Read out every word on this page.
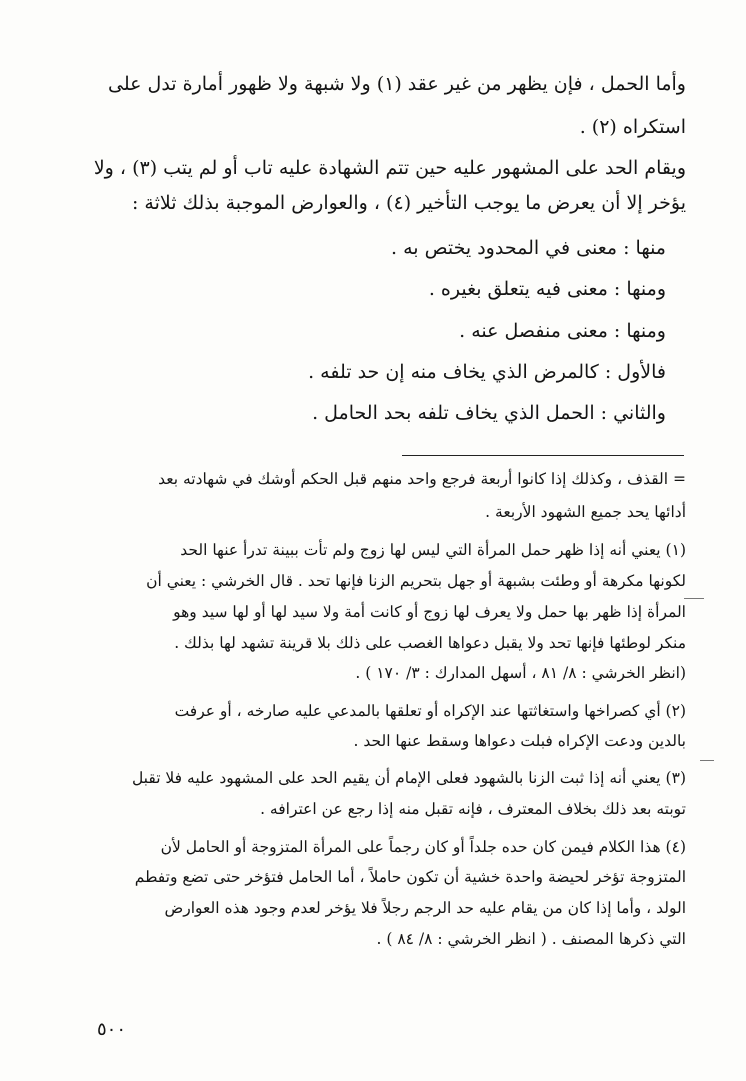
وأما الحمل ، فإن يظهر من غير عقد (١) ولا شبهة ولا ظهور أمارة تدل على
استكراه (٢) .
ويقام الحد على المشهور عليه حين تتم الشهادة عليه تاب أو لم يتب (٣) ، ولا
يؤخر إلا أن يعرض ما يوجب التأخير (٤) ، والعوارض الموجبة بذلك ثلاثة :
منها : معنى في المحدود يختص به .
ومنها : معنى فيه يتعلق بغيره .
ومنها : معنى منفصل عنه .
فالأول : كالمرض الذي يخاف منه إن حد تلفه .
والثاني : الحمل الذي يخاف تلفه بحد الحامل .
= القذف ، وكذلك إذا كانوا أربعة فرجع واحد منهم قبل الحكم أوشك في شهادته بعد
أدائها يحد جميع الشهود الأربعة .
(١) يعني أنه إذا ظهر حمل المرأة التي ليس لها زوج ولم تأت ببينة تدرأ عنها الحد
لكونها مكرهة أو وطئت بشبهة أو جهل بتحريم الزنا فإنها تحد . قال الخرشي : يعني أن
المرأة إذا ظهر بها حمل ولا يعرف لها زوج أو كانت أمة ولا سيد لها أو لها سيد وهو
منكر لوطئها فإنها تحد ولا يقبل دعواها الغصب على ذلك بلا قرينة تشهد لها بذلك .
(انظر الخرشي : ٨/ ٨١ ، أسهل المدارك : ٣/ ١٧٠ ) .
(٢) أي كصراخها واستغاثتها عند الإكراه أو تعلقها بالمدعي عليه صارخه ، أو عرفت
بالدين ودعت الإكراه فبلت دعواها وسقط عنها الحد .
(٣) يعني أنه إذا ثبت الزنا بالشهود فعلى الإمام أن يقيم الحد على المشهود عليه فلا تقبل
توبته بعد ذلك بخلاف المعترف ، فإنه تقبل منه إذا رجع عن اعترافه .
(٤) هذا الكلام فيمن كان حده جلداً أو كان رجماً على المرأة المتزوجة أو الحامل لأن
المتزوجة تؤخر لحيضة واحدة خشية أن تكون حاملاً ، أما الحامل فتؤخر حتى تضع وتفطم
الولد ، وأما إذا كان من يقام عليه حد الرجم رجلاً فلا يؤخر لعدم وجود هذه العوارض
التي ذكرها المصنف . ( انظر الخرشي : ٨/ ٨٤ ) .
٥٠٠
